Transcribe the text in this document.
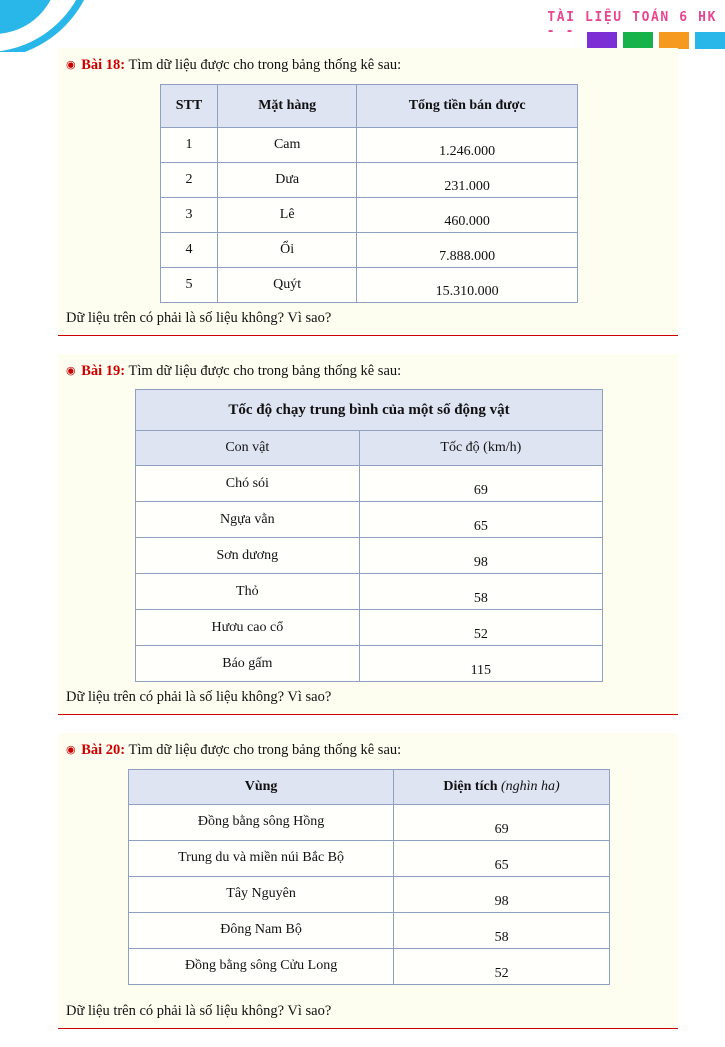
TÀI LIỆU TOÁN 6 HK
- -
◉ Bài 18: Tìm dữ liệu được cho trong bảng thống kê sau:
STT	Mặt hàng	Tổng tiền bán được
1	Cam	1.246.000
2	Dưa	231.000
3	Lê	460.000
4	Ổi	7.888.000
5	Quýt	15.310.000
Dữ liệu trên có phải là số liệu không? Vì sao?
◉ Bài 19: Tìm dữ liệu được cho trong bảng thống kê sau:
Tốc độ chạy trung bình của một số động vật	
Con vật	Tốc độ (km/h)
Chó sói	69
Ngựa vằn	65
Sơn dương	98
Thỏ	58
Hươu cao cổ	52
Báo gấm	115
Dữ liệu trên có phải là số liệu không? Vì sao?
◉ Bài 20: Tìm dữ liệu được cho trong bảng thống kê sau:
Vùng	Diện tích (nghìn ha)
Đồng bằng sông Hồng	69
Trung du và miền núi Bắc Bộ	65
Tây Nguyên	98
Đông Nam Bộ	58
Đồng bằng sông Cửu Long	52
Dữ liệu trên có phải là số liệu không? Vì sao?
